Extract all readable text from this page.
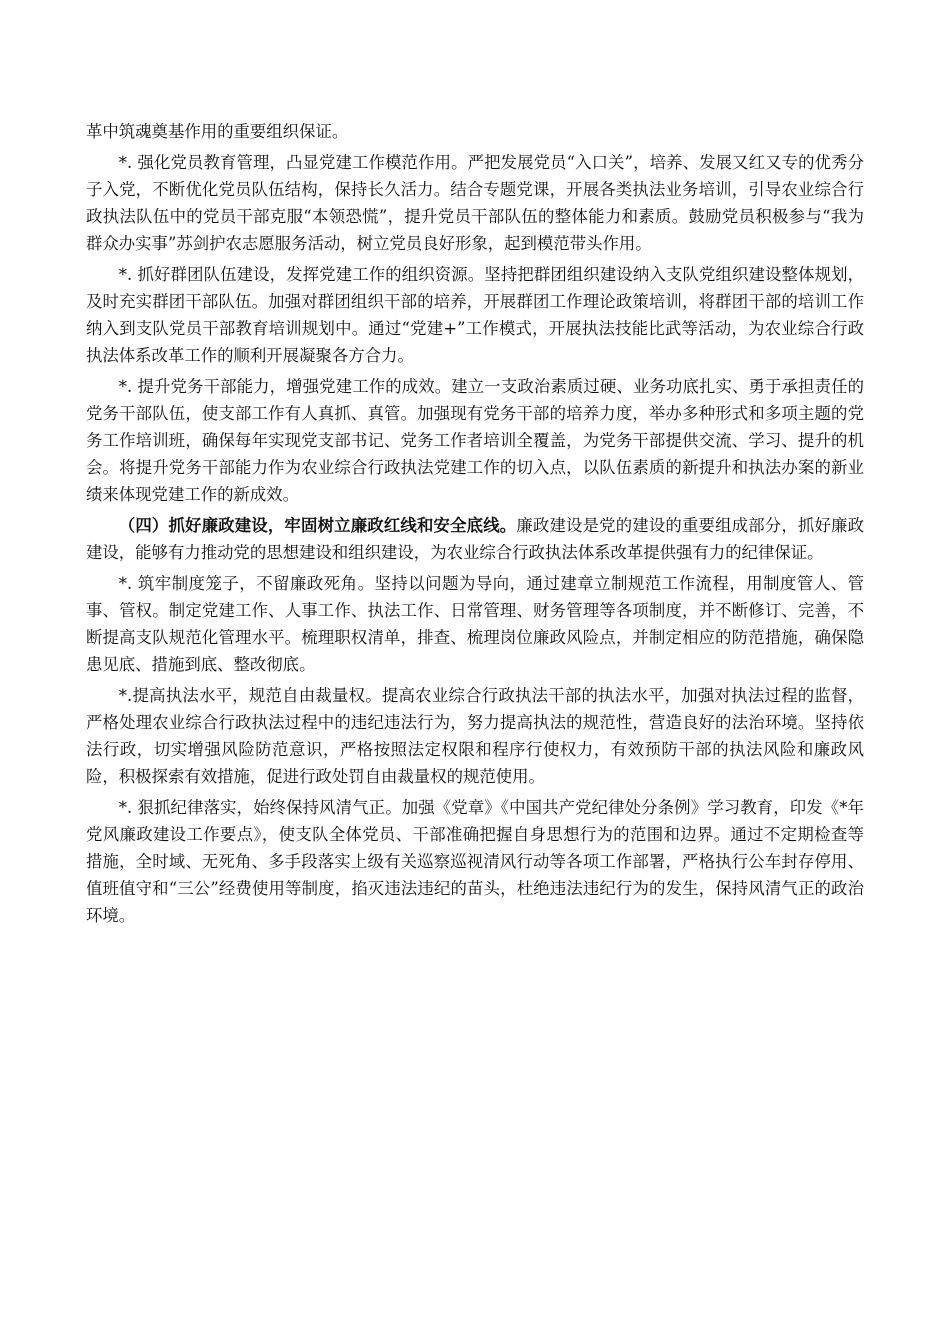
革中筑魂奠基作用的重要组织保证。

*. 强化党员教育管理，凸显党建工作模范作用。严把发展党员“入口关”，培养、发展又红又专的优秀分子入党，不断优化党员队伍结构，保持长久活力。结合专题党课，开展各类执法业务培训，引导农业综合行政执法队伍中的党员干部克服“本领恐慌”，提升党员干部队伍的整体能力和素质。鼓励党员积极参与“我为群众办实事”苏剑护农志愿服务活动，树立党员良好形象，起到模范带头作用。

*. 抓好群团队伍建设，发挥党建工作的组织资源。坚持把群团组织建设纳入支队党组织建设整体规划，及时充实群团干部队伍。加强对群团组织干部的培养，开展群团工作理论政策培训，将群团干部的培训工作纳入到支队党员干部教育培训规划中。通过“党建+”工作模式，开展执法技能比武等活动，为农业综合行政执法体系改革工作的顺利开展凝聚各方合力。

*. 提升党务干部能力，增强党建工作的成效。建立一支政治素质过硬、业务功底扎实、勇于承担责任的党务干部队伍，使支部工作有人真抓、真管。加强现有党务干部的培养力度，举办多种形式和多项主题的党务工作培训班，确保每年实现党支部书记、党务工作者培训全覆盖，为党务干部提供交流、学习、提升的机会。将提升党务干部能力作为农业综合行政执法党建工作的切入点，以队伍素质的新提升和执法办案的新业绩来体现党建工作的新成效。

（四）抓好廉政建设，牢固树立廉政红线和安全底线。廉政建设是党的建设的重要组成部分，抓好廉政建设，能够有力推动党的思想建设和组织建设，为农业综合行政执法体系改革提供强有力的纪律保证。

*. 筑牢制度笼子，不留廉政死角。坚持以问题为导向，通过建章立制规范工作流程，用制度管人、管事、管权。制定党建工作、人事工作、执法工作、日常管理、财务管理等各项制度，并不断修订、完善，不断提高支队规范化管理水平。梳理职权清单，排查、梳理岗位廉政风险点，并制定相应的防范措施，确保隐患见底、措施到底、整改彻底。

*.提高执法水平，规范自由裁量权。提高农业综合行政执法干部的执法水平，加强对执法过程的监督，严格处理农业综合行政执法过程中的违纪违法行为，努力提高执法的规范性，营造良好的法治环境。坚持依法行政，切实增强风险防范意识，严格按照法定权限和程序行使权力，有效预防干部的执法风险和廉政风险，积极探索有效措施，促进行政处罚自由裁量权的规范使用。

*. 狠抓纪律落实，始终保持风清气正。加强《党章》《中国共产党纪律处分条例》学习教育，印发《*年党风廉政建设工作要点》，使支队全体党员、干部准确把握自身思想行为的范围和边界。通过不定期检查等措施，全时域、无死角、多手段落实上级有关巡察巡视清风行动等各项工作部署，严格执行公车封存停用、值班值守和“三公”经费使用等制度，掐灭违法违纪的苗头，杜绝违法违纪行为的发生，保持风清气正的政治环境。
